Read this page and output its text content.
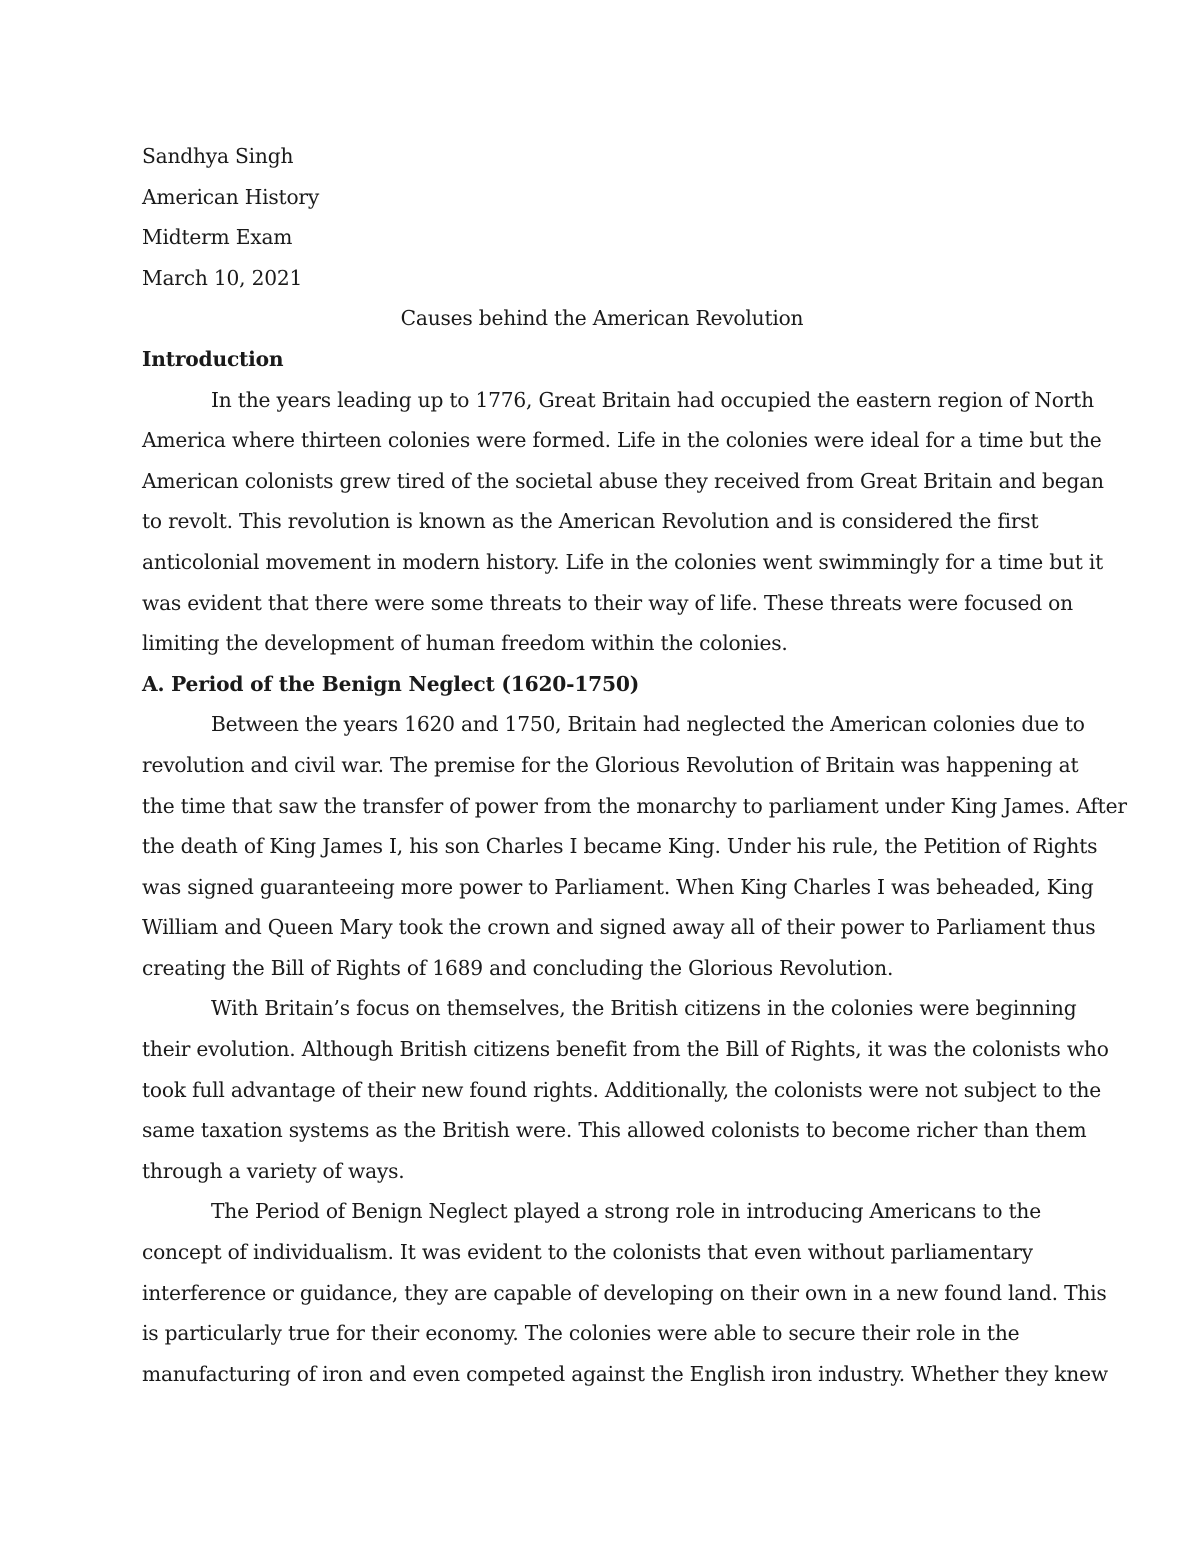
Sandhya Singh
American History
Midterm Exam
March 10, 2021
Causes behind the American Revolution
Introduction
In the years leading up to 1776, Great Britain had occupied the eastern region of North
America where thirteen colonies were formed. Life in the colonies were ideal for a time but the
American colonists grew tired of the societal abuse they received from Great Britain and began
to revolt. This revolution is known as the American Revolution and is considered the first
anticolonial movement in modern history. Life in the colonies went swimmingly for a time but it
was evident that there were some threats to their way of life. These threats were focused on
limiting the development of human freedom within the colonies.
A. Period of the Benign Neglect (1620-1750)
Between the years 1620 and 1750, Britain had neglected the American colonies due to
revolution and civil war. The premise for the Glorious Revolution of Britain was happening at
the time that saw the transfer of power from the monarchy to parliament under King James. After
the death of King James I, his son Charles I became King. Under his rule, the Petition of Rights
was signed guaranteeing more power to Parliament. When King Charles I was beheaded, King
William and Queen Mary took the crown and signed away all of their power to Parliament thus
creating the Bill of Rights of 1689 and concluding the Glorious Revolution.
With Britain’s focus on themselves, the British citizens in the colonies were beginning
their evolution. Although British citizens benefit from the Bill of Rights, it was the colonists who
took full advantage of their new found rights. Additionally, the colonists were not subject to the
same taxation systems as the British were. This allowed colonists to become richer than them
through a variety of ways.
The Period of Benign Neglect played a strong role in introducing Americans to the
concept of individualism. It was evident to the colonists that even without parliamentary
interference or guidance, they are capable of developing on their own in a new found land. This
is particularly true for their economy. The colonies were able to secure their role in the
manufacturing of iron and even competed against the English iron industry. Whether they knew
